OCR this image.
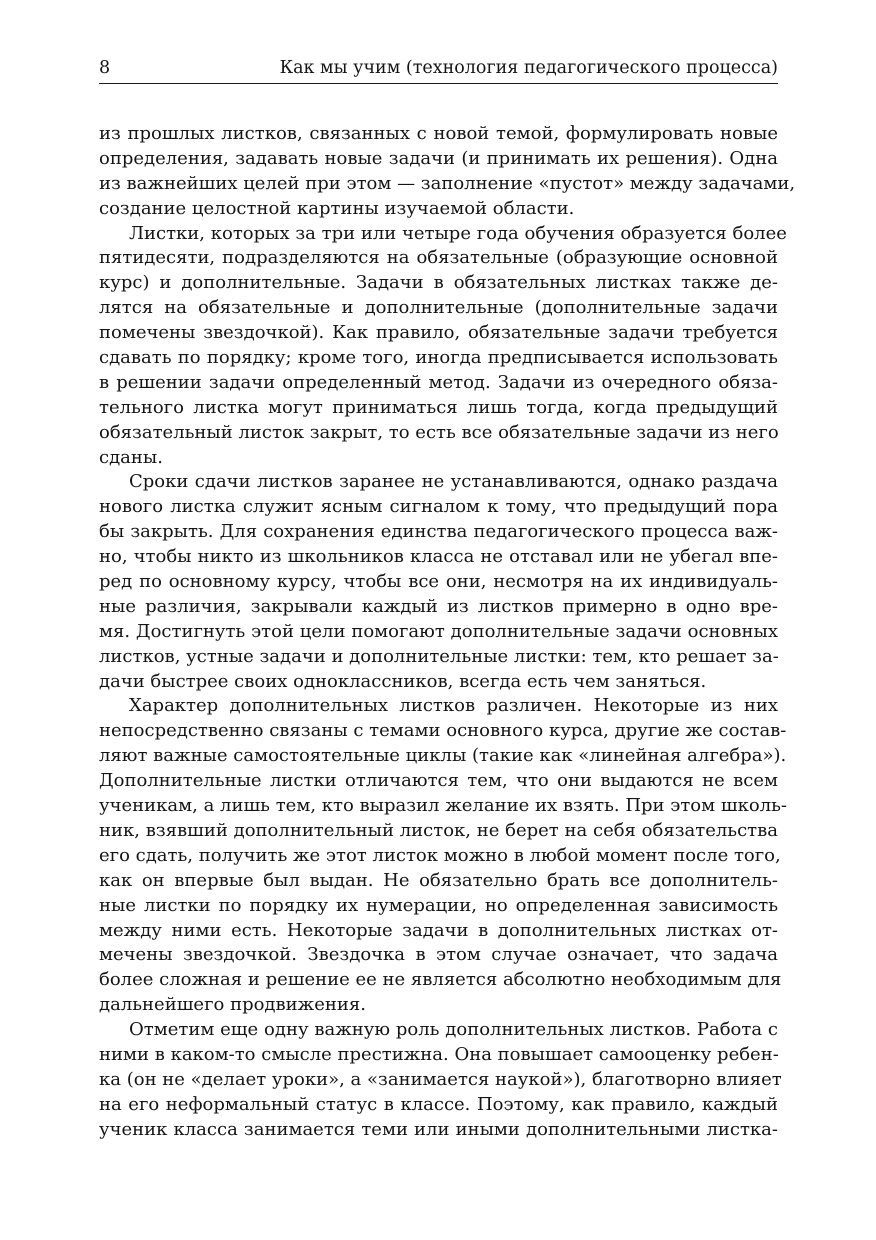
8	Как мы учим (технология педагогического процесса)
из прошлых листков, связанных с новой темой, формулировать новые
определения, задавать новые задачи (и принимать их решения). Одна
из важнейших целей при этом — заполнение «пустот» между задачами,
создание целостной картины изучаемой области.
Листки, которых за три или четыре года обучения образуется более
пятидесяти, подразделяются на обязательные (образующие основной
курс) и дополнительные. Задачи в обязательных листках также де-
лятся на обязательные и дополнительные (дополнительные задачи
помечены звездочкой). Как правило, обязательные задачи требуется
сдавать по порядку; кроме того, иногда предписывается использовать
в решении задачи определенный метод. Задачи из очередного обяза-
тельного листка могут приниматься лишь тогда, когда предыдущий
обязательный листок закрыт, то есть все обязательные задачи из него
сданы.
Сроки сдачи листков заранее не устанавливаются, однако раздача
нового листка служит ясным сигналом к тому, что предыдущий пора
бы закрыть. Для сохранения единства педагогического процесса важ-
но, чтобы никто из школьников класса не отставал или не убегал впе-
ред по основному курсу, чтобы все они, несмотря на их индивидуаль-
ные различия, закрывали каждый из листков примерно в одно вре-
мя. Достигнуть этой цели помогают дополнительные задачи основных
листков, устные задачи и дополнительные листки: тем, кто решает за-
дачи быстрее своих одноклассников, всегда есть чем заняться.
Характер дополнительных листков различен. Некоторые из них
непосредственно связаны с темами основного курса, другие же состав-
ляют важные самостоятельные циклы (такие как «линейная алгебра»).
Дополнительные листки отличаются тем, что они выдаются не всем
ученикам, а лишь тем, кто выразил желание их взять. При этом школь-
ник, взявший дополнительный листок, не берет на себя обязательства
его сдать, получить же этот листок можно в любой момент после того,
как он впервые был выдан. Не обязательно брать все дополнитель-
ные листки по порядку их нумерации, но определенная зависимость
между ними есть. Некоторые задачи в дополнительных листках от-
мечены звездочкой. Звездочка в этом случае означает, что задача
более сложная и решение ее не является абсолютно необходимым для
дальнейшего продвижения.
Отметим еще одну важную роль дополнительных листков. Работа с
ними в каком-то смысле престижна. Она повышает самооценку ребен-
ка (он не «делает уроки», а «занимается наукой»), благотворно влияет
на его неформальный статус в классе. Поэтому, как правило, каждый
ученик класса занимается теми или иными дополнительными листка-
